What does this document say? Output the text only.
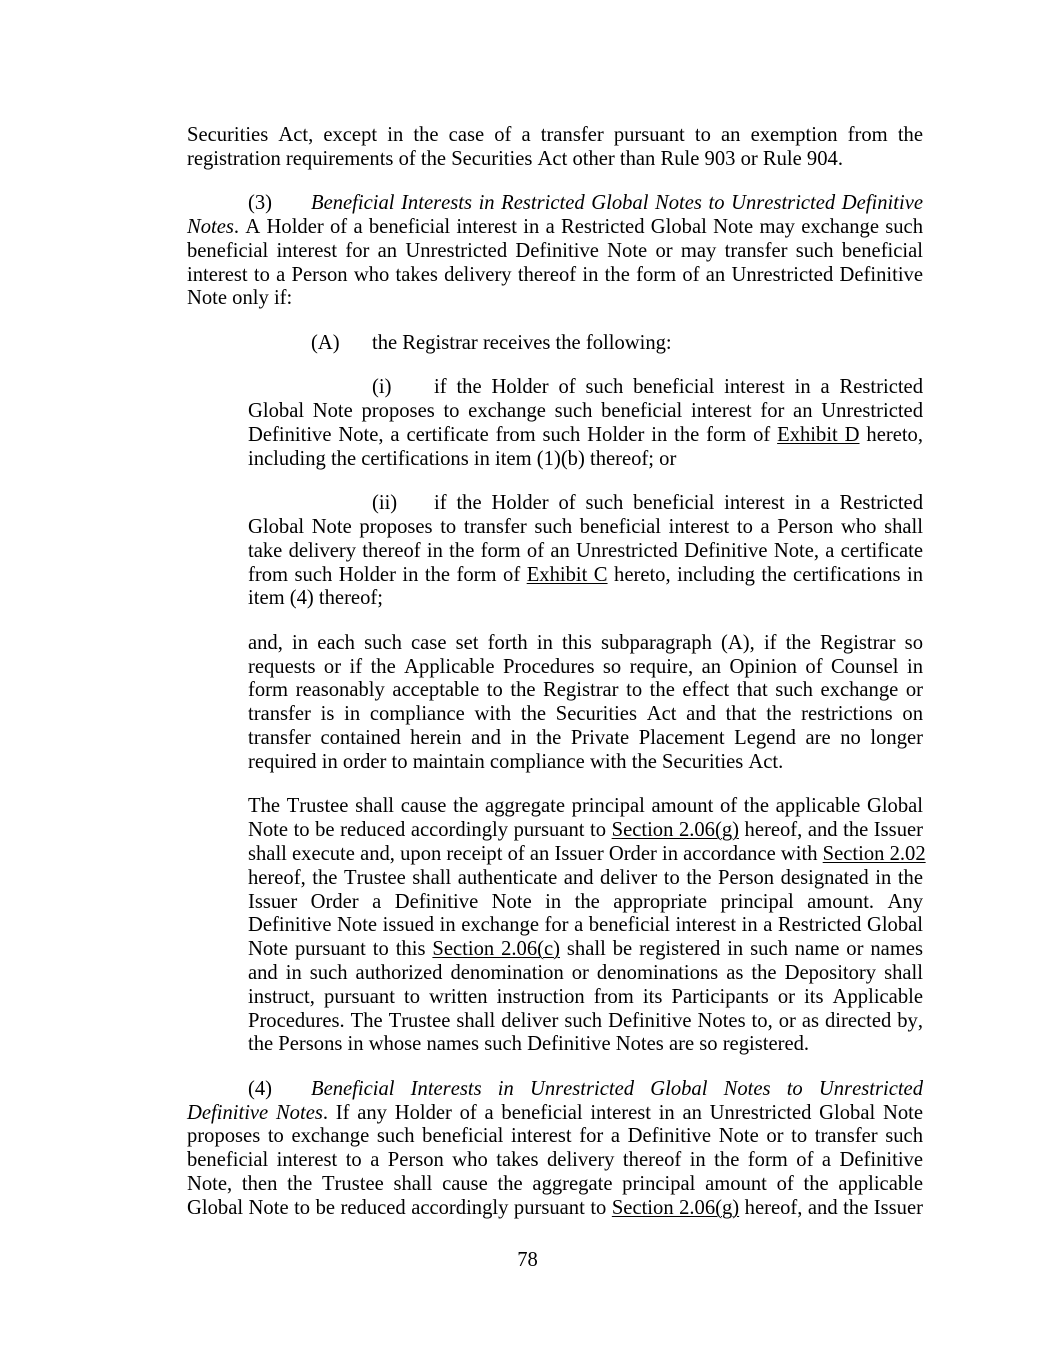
Securities Act, except in the case of a transfer pursuant to an exemption from the
registration requirements of the Securities Act other than Rule 903 or Rule 904.
(3) Beneficial Interests in Restricted Global Notes to Unrestricted Definitive
Notes. A Holder of a beneficial interest in a Restricted Global Note may exchange such
beneficial interest for an Unrestricted Definitive Note or may transfer such beneficial
interest to a Person who takes delivery thereof in the form of an Unrestricted Definitive
Note only if:
(A) the Registrar receives the following:
(i) if the Holder of such beneficial interest in a Restricted
Global Note proposes to exchange such beneficial interest for an Unrestricted
Definitive Note, a certificate from such Holder in the form of Exhibit D hereto,
including the certifications in item (1)(b) thereof; or
(ii) if the Holder of such beneficial interest in a Restricted
Global Note proposes to transfer such beneficial interest to a Person who shall
take delivery thereof in the form of an Unrestricted Definitive Note, a certificate
from such Holder in the form of Exhibit C hereto, including the certifications in
item (4) thereof;
and, in each such case set forth in this subparagraph (A), if the Registrar so
requests or if the Applicable Procedures so require, an Opinion of Counsel in
form reasonably acceptable to the Registrar to the effect that such exchange or
transfer is in compliance with the Securities Act and that the restrictions on
transfer contained herein and in the Private Placement Legend are no longer
required in order to maintain compliance with the Securities Act.
The Trustee shall cause the aggregate principal amount of the applicable Global
Note to be reduced accordingly pursuant to Section 2.06(g) hereof, and the Issuer
shall execute and, upon receipt of an Issuer Order in accordance with Section 2.02
hereof, the Trustee shall authenticate and deliver to the Person designated in the
Issuer Order a Definitive Note in the appropriate principal amount. Any
Definitive Note issued in exchange for a beneficial interest in a Restricted Global
Note pursuant to this Section 2.06(c) shall be registered in such name or names
and in such authorized denomination or denominations as the Depository shall
instruct, pursuant to written instruction from its Participants or its Applicable
Procedures. The Trustee shall deliver such Definitive Notes to, or as directed by,
the Persons in whose names such Definitive Notes are so registered.
(4) Beneficial Interests in Unrestricted Global Notes to Unrestricted
Definitive Notes. If any Holder of a beneficial interest in an Unrestricted Global Note
proposes to exchange such beneficial interest for a Definitive Note or to transfer such
beneficial interest to a Person who takes delivery thereof in the form of a Definitive
Note, then the Trustee shall cause the aggregate principal amount of the applicable
Global Note to be reduced accordingly pursuant to Section 2.06(g) hereof, and the Issuer
78
